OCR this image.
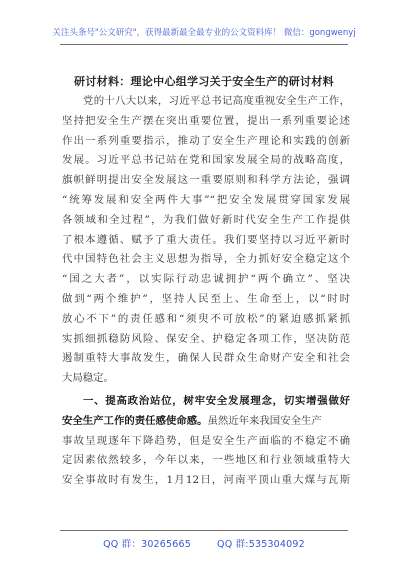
关注头条号"公文研究"，获得最新最全最专业的公文资料库！ 微信：gongwenyj
研讨材料：理论中心组学习关于安全生产的研讨材料
党的十八大以来，习近平总书记高度重视安全生产工作，
坚持把安全生产摆在突出重要位置，提出一系列重要论述
作出一系列重要指示，推动了安全生产理论和实践的创新
发展。习近平总书记站在党和国家发展全局的战略高度，
旗帜鲜明提出安全发展这一重要原则和科学方法论，强调
“统筹发展和安全两件大事”“把安全发展贯穿国家发展
各领域和全过程”，为我们做好新时代安全生产工作提供
了根本遵循、赋予了重大责任。我们要坚持以习近平新时
代中国特色社会主义思想为指导，全力抓好安全稳定这个
“国之大者”，以实际行动忠诚拥护“两个确立”、坚决
做到“两个维护”，坚持人民至上、生命至上，以“时时
放心不下”的责任感和“须臾不可放松”的紧迫感抓紧抓
实抓细抓稳防风险、保安全、护稳定各项工作，坚决防范
遏制重特大事故发生，确保人民群众生命财产安全和社会
大局稳定。
一、提高政治站位，树牢安全发展理念，切实增强做好
安全生产工作的责任感使命感。虽然近年来我国安全生产
事故呈现逐年下降趋势，但是安全生产面临的不稳定不确
定因素依然较多，今年以来，一些地区和行业领域重特大
安全事故时有发生，1月12日，河南平顶山重大煤与瓦斯
QQ 群：30265665	QQ 群:535304092
